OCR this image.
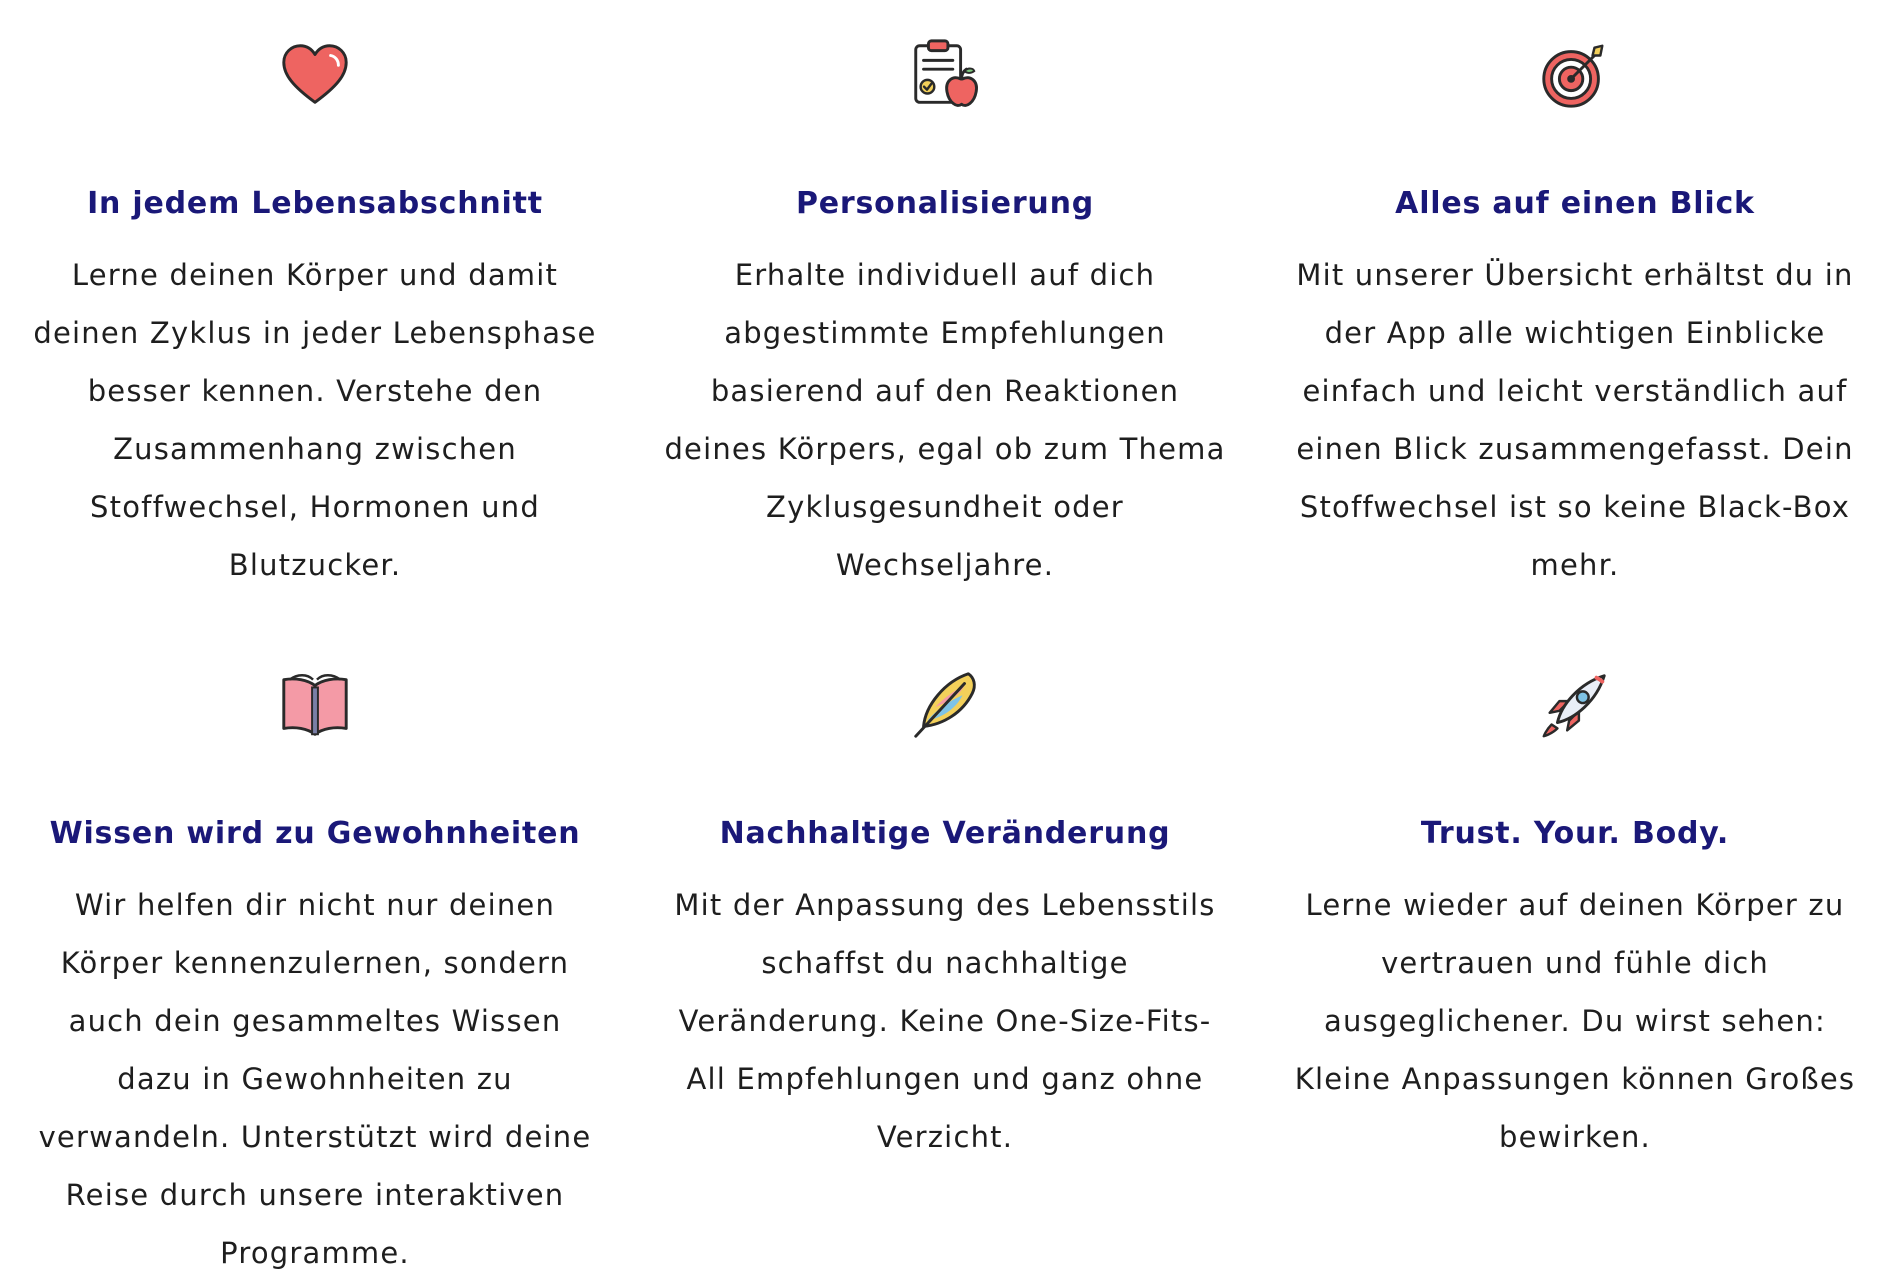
In jedem Lebensabschnitt
Lerne deinen Körper und damit deinen Zyklus in jeder Lebensphase besser kennen. Verstehe den Zusammenhang zwischen Stoffwechsel, Hormonen und Blutzucker.
Personalisierung
Erhalte individuell auf dich abgestimmte Empfehlungen basierend auf den Reaktionen deines Körpers, egal ob zum Thema Zyklusgesundheit oder Wechseljahre.
Alles auf einen Blick
Mit unserer Übersicht erhältst du in der App alle wichtigen Einblicke einfach und leicht verständlich auf einen Blick zusammengefasst. Dein Stoffwechsel ist so keine Black-Box mehr.
Wissen wird zu Gewohnheiten
Wir helfen dir nicht nur deinen Körper kennenzulernen, sondern auch dein gesammeltes Wissen dazu in Gewohnheiten zu verwandeln. Unterstützt wird deine Reise durch unsere interaktiven Programme.
Nachhaltige Veränderung
Mit der Anpassung des Lebensstils schaffst du nachhaltige Veränderung. Keine One-Size-Fits-All Empfehlungen und ganz ohne Verzicht.
Trust. Your. Body.
Lerne wieder auf deinen Körper zu vertrauen und fühle dich ausgeglichener. Du wirst sehen: Kleine Anpassungen können Großes bewirken.
